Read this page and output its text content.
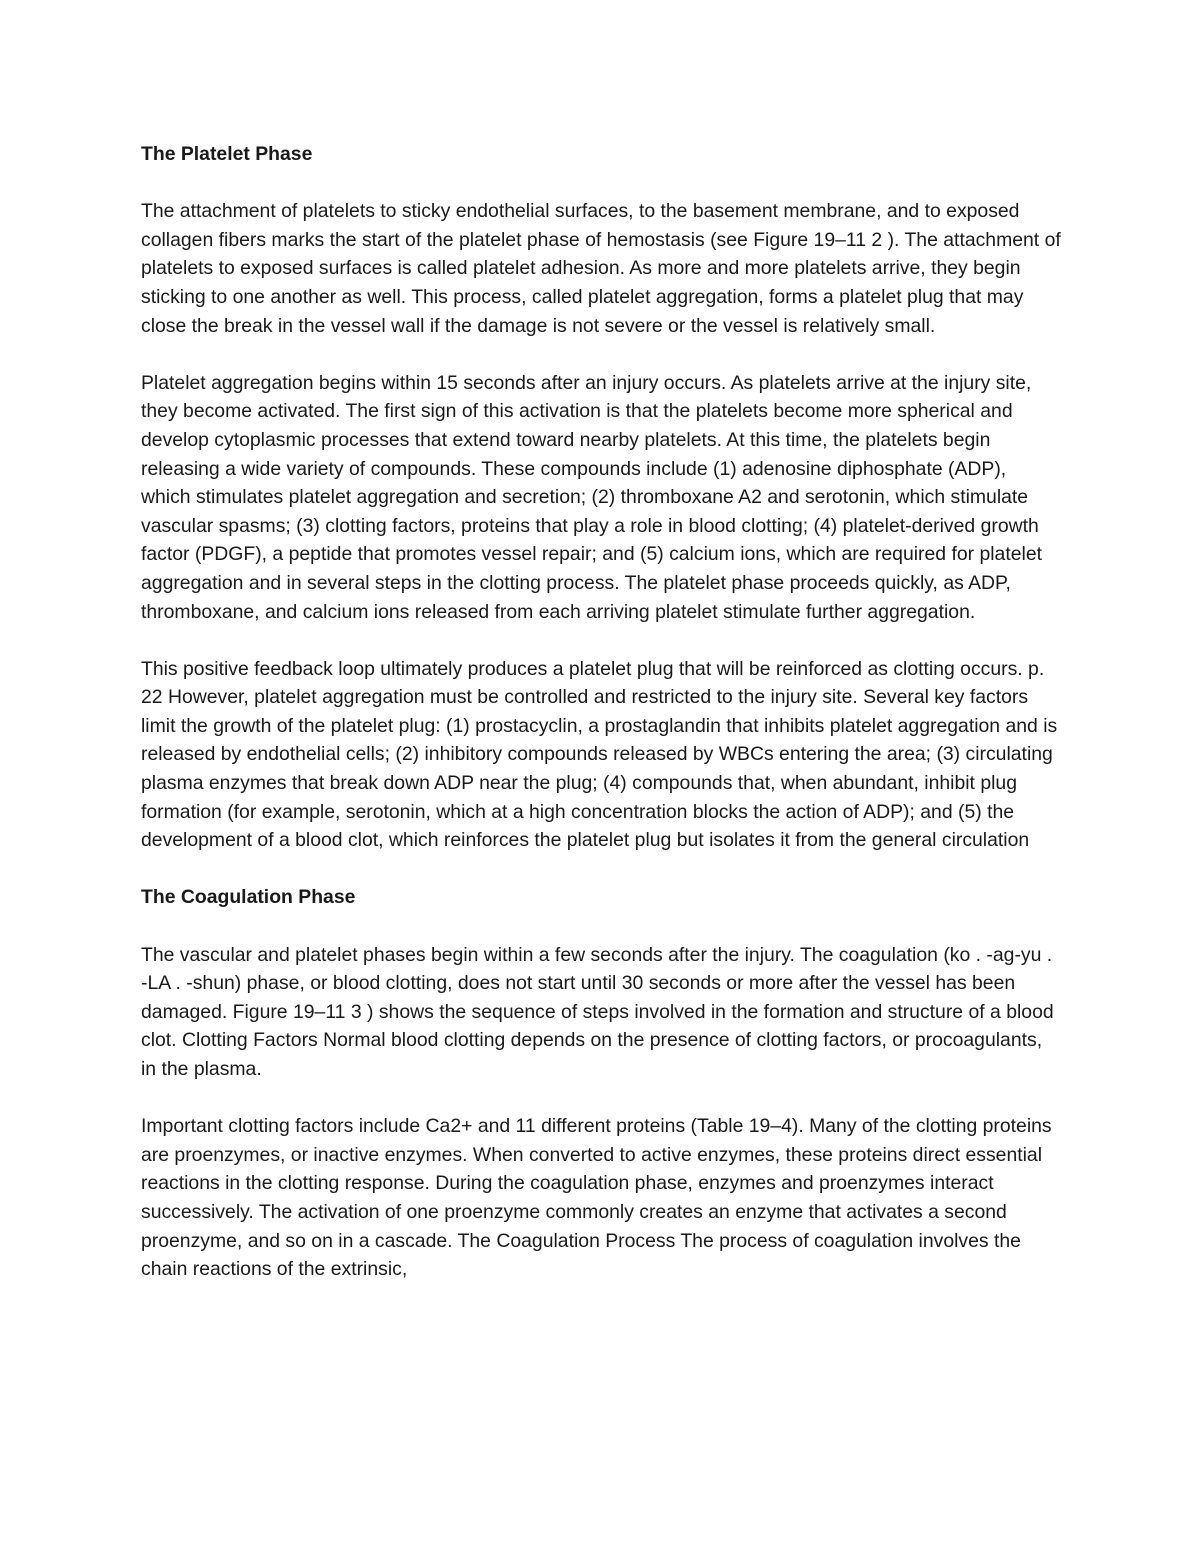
The Platelet Phase

The attachment of platelets to sticky endothelial surfaces, to the basement membrane, and to exposed collagen fibers marks the start of the platelet phase of hemostasis (see Figure 19–11 2 ). The attachment of platelets to exposed surfaces is called platelet adhesion. As more and more platelets arrive, they begin sticking to one another as well. This process, called platelet aggregation, forms a platelet plug that may close the break in the vessel wall if the damage is not severe or the vessel is relatively small.

Platelet aggregation begins within 15 seconds after an injury occurs. As platelets arrive at the injury site, they become activated. The first sign of this activation is that the platelets become more spherical and develop cytoplasmic processes that extend toward nearby platelets. At this time, the platelets begin releasing a wide variety of compounds. These compounds include (1) adenosine diphosphate (ADP), which stimulates platelet aggregation and secretion; (2) thromboxane A2 and serotonin, which stimulate vascular spasms; (3) clotting factors, proteins that play a role in blood clotting; (4) platelet-derived growth factor (PDGF), a peptide that promotes vessel repair; and (5) calcium ions, which are required for platelet aggregation and in several steps in the clotting process. The platelet phase proceeds quickly, as ADP, thromboxane, and calcium ions released from each arriving platelet stimulate further aggregation.

This positive feedback loop ultimately produces a platelet plug that will be reinforced as clotting occurs. p. 22 However, platelet aggregation must be controlled and restricted to the injury site. Several key factors limit the growth of the platelet plug: (1) prostacyclin, a prostaglandin that inhibits platelet aggregation and is released by endothelial cells; (2) inhibitory compounds released by WBCs entering the area; (3) circulating plasma enzymes that break down ADP near the plug; (4) compounds that, when abundant, inhibit plug formation (for example, serotonin, which at a high concentration blocks the action of ADP); and (5) the development of a blood clot, which reinforces the platelet plug but isolates it from the general circulation

The Coagulation Phase

The vascular and platelet phases begin within a few seconds after the injury. The coagulation (ko . -ag-yu . -LA . -shun) phase, or blood clotting, does not start until 30 seconds or more after the vessel has been damaged. Figure 19–11 3 ) shows the sequence of steps involved in the formation and structure of a blood clot. Clotting Factors Normal blood clotting depends on the presence of clotting factors, or procoagulants, in the plasma.

Important clotting factors include Ca2+ and 11 different proteins (Table 19–4). Many of the clotting proteins are proenzymes, or inactive enzymes. When converted to active enzymes, these proteins direct essential reactions in the clotting response. During the coagulation phase, enzymes and proenzymes interact successively. The activation of one proenzyme commonly creates an enzyme that activates a second proenzyme, and so on in a cascade. The Coagulation Process The process of coagulation involves the chain reactions of the extrinsic,
